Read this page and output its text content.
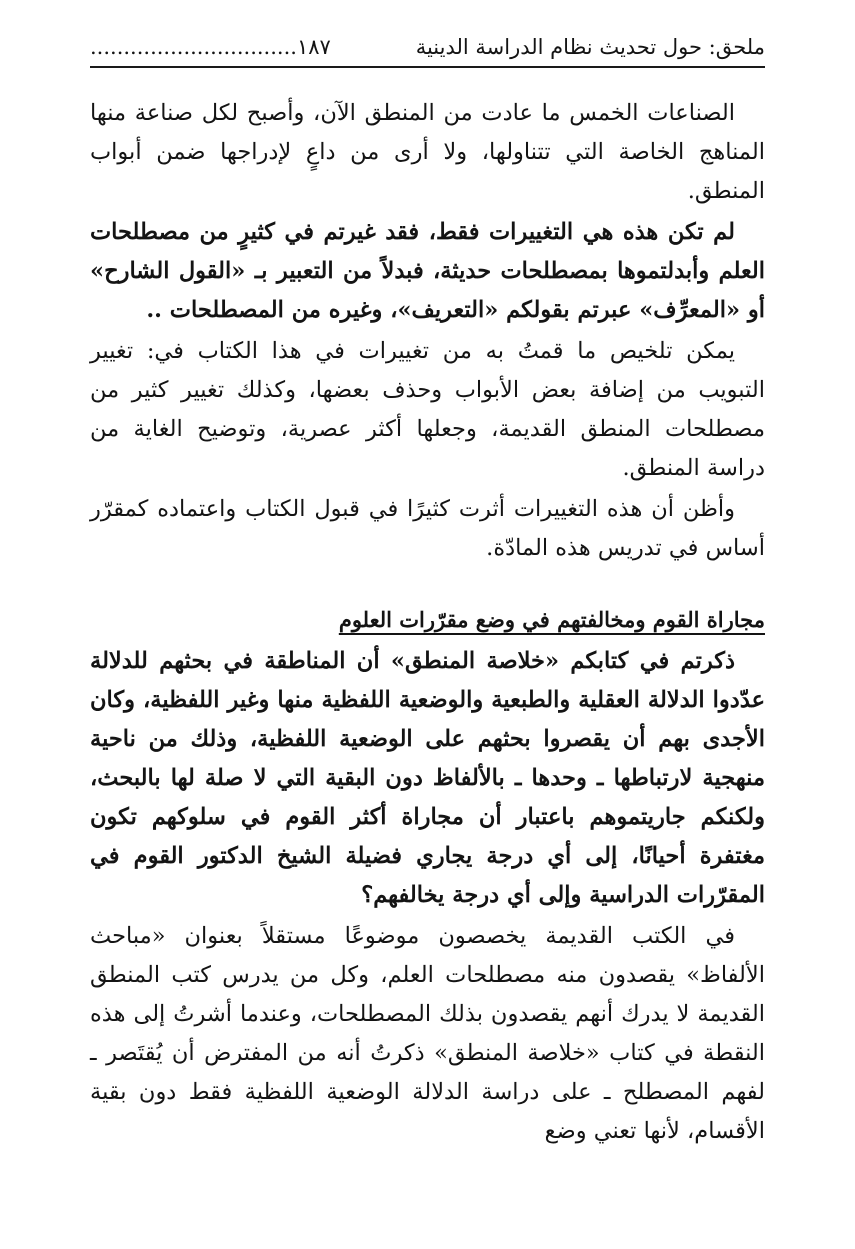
ملحق: حول تحديث نظام الدراسة الدينية
١٨٧...............................

الصناعات الخمس ما عادت من المنطق الآن، وأصبح لكل صناعة منها المناهج الخاصة التي تتناولها، ولا أرى من داعٍ لإدراجها ضمن أبواب المنطق.

لم تكن هذه هي التغييرات فقط، فقد غيرتم في كثيرٍ من مصطلحات العلم وأبدلتموها بمصطلحات حديثة، فبدلاً من التعبير بـ «القول الشارح» أو «المعرِّف» عبرتم بقولكم «التعريف»، وغيره من المصطلحات ..

يمكن تلخيص ما قمتُ به من تغييرات في هذا الكتاب في: تغيير التبويب من إضافة بعض الأبواب وحذف بعضها، وكذلك تغيير كثير من مصطلحات المنطق القديمة، وجعلها أكثر عصرية، وتوضيح الغاية من دراسة المنطق.

وأظن أن هذه التغييرات أثرت كثيرًا في قبول الكتاب واعتماده كمقرّر أساس في تدريس هذه المادّة.

مجاراة القوم ومخالفتهم في وضع مقرّرات العلوم

ذكرتم في كتابكم «خلاصة المنطق» أن المناطقة في بحثهم للدلالة عدّدوا الدلالة العقلية والطبعية والوضعية اللفظية منها وغير اللفظية، وكان الأجدى بهم أن يقصروا بحثهم على الوضعية اللفظية، وذلك من ناحية منهجية لارتباطها ـ وحدها ـ بالألفاظ دون البقية التي لا صلة لها بالبحث، ولكنكم جاريتموهم باعتبار أن مجاراة أكثر القوم في سلوكهم تكون مغتفرة أحيانًا، إلى أي درجة يجاري فضيلة الشيخ الدكتور القوم في المقرّرات الدراسية وإلى أي درجة يخالفهم؟

في الكتب القديمة يخصصون موضوعًا مستقلاً بعنوان «مباحث الألفاظ» يقصدون منه مصطلحات العلم، وكل من يدرس كتب المنطق القديمة لا يدرك أنهم يقصدون بذلك المصطلحات، وعندما أشرتُ إلى هذه النقطة في كتاب «خلاصة المنطق» ذكرتُ أنه من المفترض أن يُقتَصر ـ لفهم المصطلح ـ على دراسة الدلالة الوضعية اللفظية فقط دون بقية الأقسام، لأنها تعني وضع
